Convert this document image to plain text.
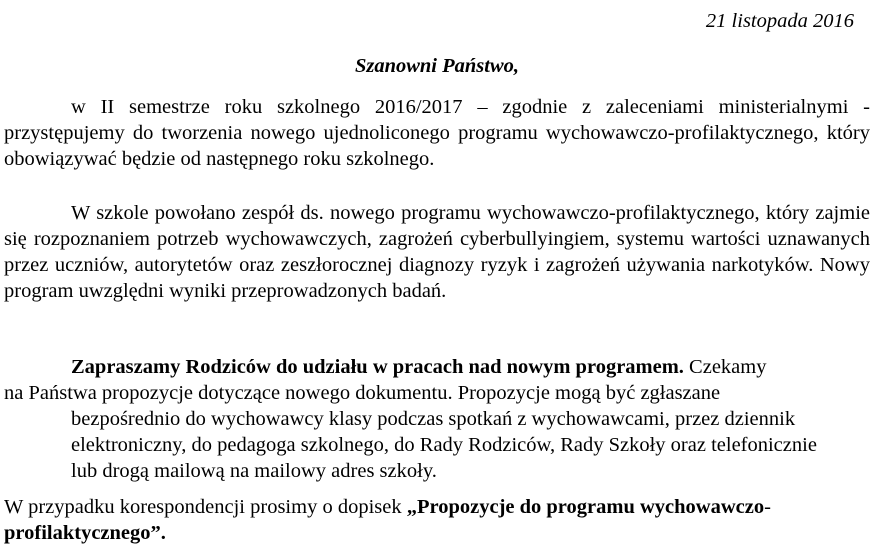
21 listopada 2016
Szanowni Państwo,

w II semestrze roku szkolnego 2016/2017 – zgodnie z zaleceniami ministerialnymi - przystępujemy do tworzenia nowego ujednoliconego programu wychowawczo-profilaktycznego, który obowiązywać będzie od następnego roku szkolnego.

W szkole powołano zespół ds. nowego programu wychowawczo-profilaktycznego, który zajmie się rozpoznaniem potrzeb wychowawczych, zagrożeń cyberbullyingiem, systemu wartości uznawanych przez uczniów, autorytetów oraz zeszłorocznej diagnozy ryzyk i zagrożeń używania narkotyków. Nowy program uwzględni wyniki przeprowadzonych badań.

Zapraszamy Rodziców do udziału w pracach nad nowym programem. Czekamy
na Państwa propozycje dotyczące nowego dokumentu. Propozycje mogą być zgłaszane
bezpośrednio do wychowawcy klasy podczas spotkań z wychowawcami, przez dziennik
elektroniczny, do pedagoga szkolnego, do Rady Rodziców, Rady Szkoły oraz telefonicznie
lub drogą mailową na mailowy adres szkoły.

W przypadku korespondencji prosimy o dopisek „Propozycje do programu wychowawczo-
profilaktycznego”.
